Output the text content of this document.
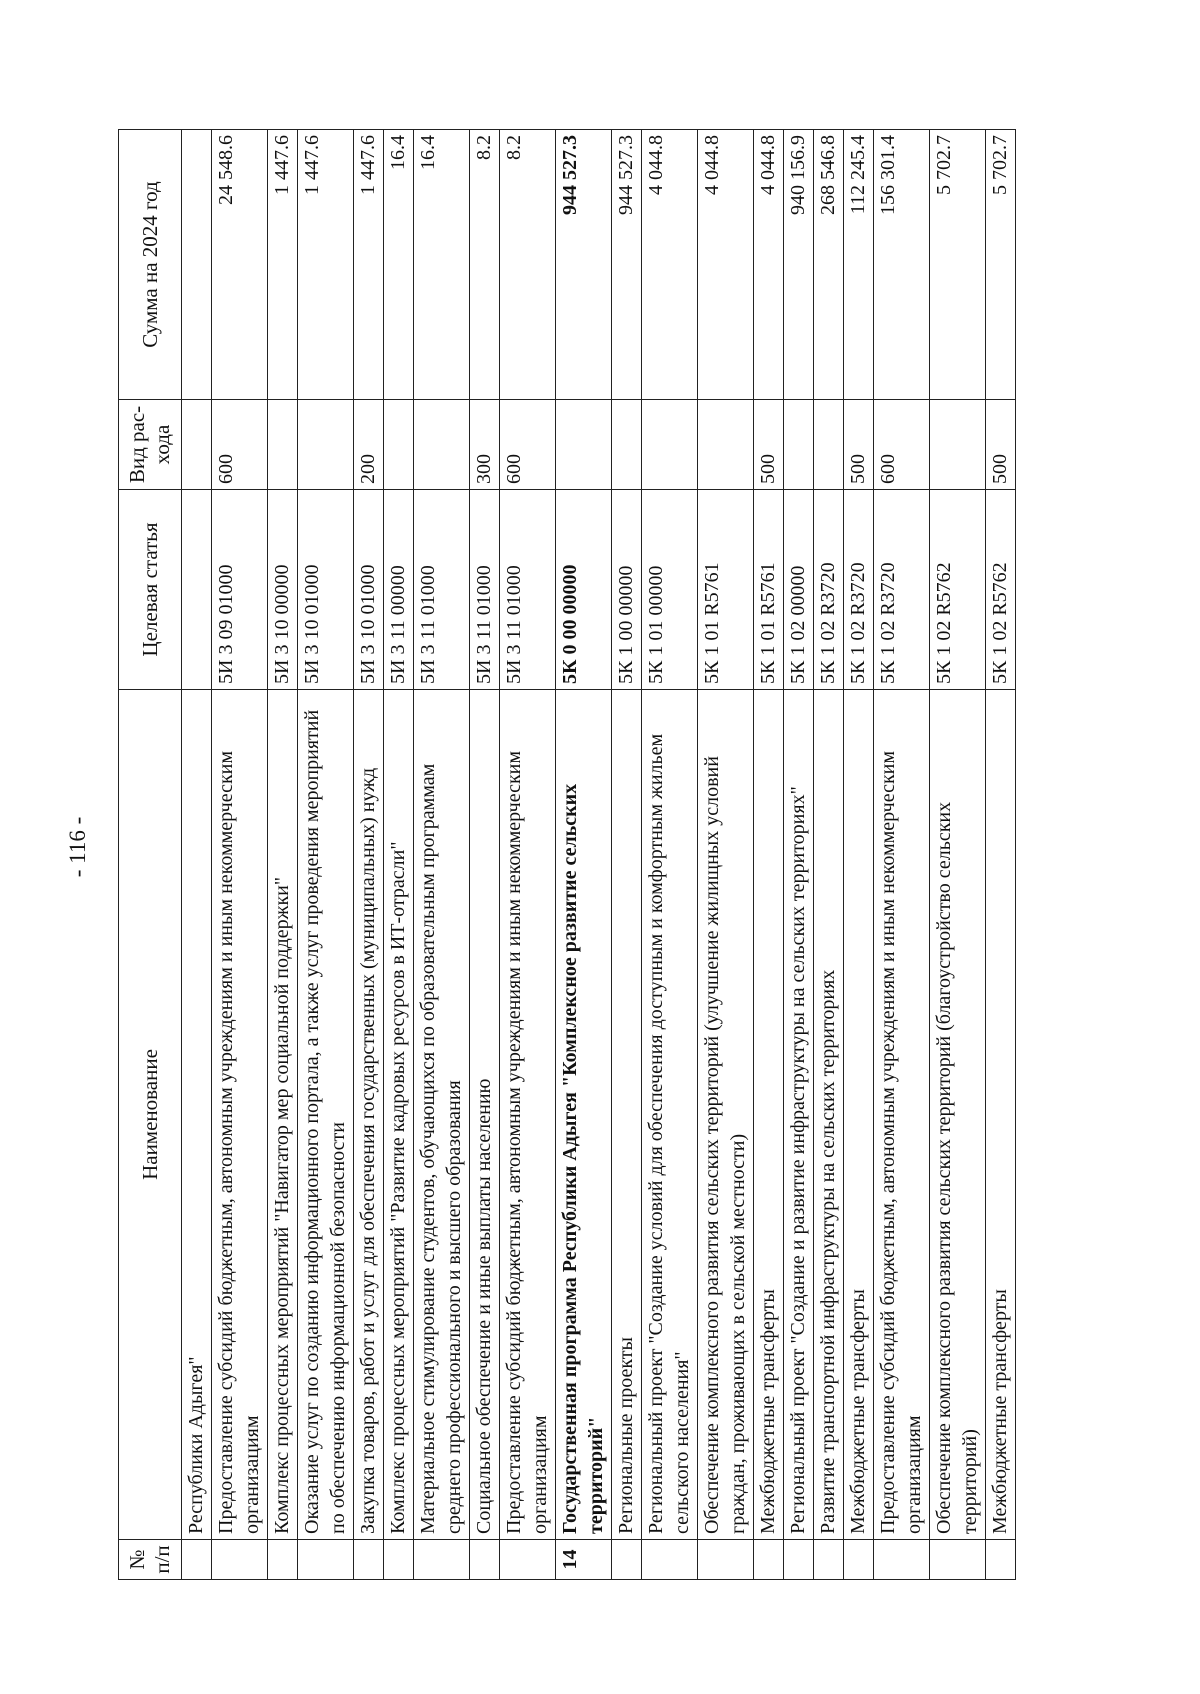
- 116 -
№ п/п	Наименование	Целевая статья	Вид рас-хода	Сумма на 2024 год
	Республики Адыгея"			
	Предоставление субсидий бюджетным, автономным учреждениям и иным некоммерческим организациям	5И 3 09 01000	600	24 548.6
	Комплекс процессных мероприятий "Навигатор мер социальной поддержки"	5И 3 10 00000		1 447.6
	Оказание услуг по созданию информационного портала, а также услуг проведения мероприятий по обеспечению информационной безопасности	5И 3 10 01000		1 447.6
	Закупка товаров, работ и услуг для обеспечения государственных (муниципальных) нужд	5И 3 10 01000	200	1 447.6
	Комплекс процессных мероприятий "Развитие кадровых ресурсов в ИТ-отрасли"	5И 3 11 00000		16.4
	Материальное стимулирование студентов, обучающихся по образовательным программам среднего профессионального и высшего образования	5И 3 11 01000		16.4
	Социальное обеспечение и иные выплаты населению	5И 3 11 01000	300	8.2
	Предоставление субсидий бюджетным, автономным учреждениям и иным некоммерческим организациям	5И 3 11 01000	600	8.2
14	Государственная программа Республики Адыгея "Комплексное развитие сельских территорий"	5К 0 00 00000		944 527.3
	Региональные проекты	5К 1 00 00000		944 527.3
	Региональный проект "Создание условий для обеспечения доступным и комфортным жильем сельского населения"	5К 1 01 00000		4 044.8
	Обеспечение комплексного развития сельских территорий (улучшение жилищных условий граждан, проживающих в сельской местности)	5К 1 01 R5761		4 044.8
	Межбюджетные трансферты	5К 1 01 R5761	500	4 044.8
	Региональный проект "Создание и развитие инфраструктуры на сельских территориях"	5К 1 02 00000		940 156.9
	Развитие транспортной инфраструктуры на сельских территориях	5К 1 02 R3720		268 546.8
	Межбюджетные трансферты	5К 1 02 R3720	500	112 245.4
	Предоставление субсидий бюджетным, автономным учреждениям и иным некоммерческим организациям	5К 1 02 R3720	600	156 301.4
	Обеспечение комплексного развития сельских территорий (благоустройство сельских территорий)	5К 1 02 R5762		5 702.7
	Межбюджетные трансферты	5К 1 02 R5762	500	5 702.7
